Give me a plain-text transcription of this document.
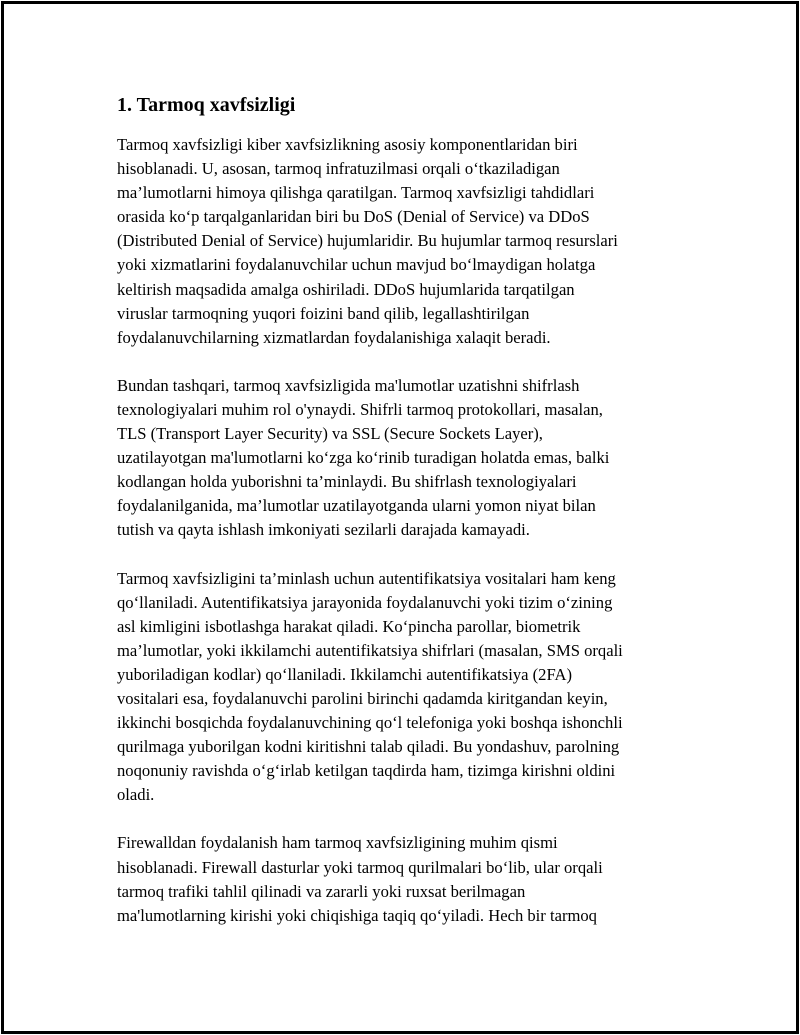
1. Tarmoq xavfsizligi

Tarmoq xavfsizligi kiber xavfsizlikning asosiy komponentlaridan biri
hisoblanadi. U, asosan, tarmoq infratuzilmasi orqali oʻtkaziladigan
ma’lumotlarni himoya qilishga qaratilgan. Tarmoq xavfsizligi tahdidlari
orasida koʻp tarqalganlaridan biri bu DoS (Denial of Service) va DDoS
(Distributed Denial of Service) hujumlaridir. Bu hujumlar tarmoq resurslari
yoki xizmatlarini foydalanuvchilar uchun mavjud boʻlmaydigan holatga
keltirish maqsadida amalga oshiriladi. DDoS hujumlarida tarqatilgan
viruslar tarmoqning yuqori foizini band qilib, legallashtirilgan
foydalanuvchilarning xizmatlardan foydalanishiga xalaqit beradi.

Bundan tashqari, tarmoq xavfsizligida ma'lumotlar uzatishni shifrlash
texnologiyalari muhim rol o'ynaydi. Shifrli tarmoq protokollari, masalan,
TLS (Transport Layer Security) va SSL (Secure Sockets Layer),
uzatilayotgan ma'lumotlarni koʻzga koʻrinib turadigan holatda emas, balki
kodlangan holda yuborishni ta’minlaydi. Bu shifrlash texnologiyalari
foydalanilganida, ma’lumotlar uzatilayotganda ularni yomon niyat bilan
tutish va qayta ishlash imkoniyati sezilarli darajada kamayadi.

Tarmoq xavfsizligini ta’minlash uchun autentifikatsiya vositalari ham keng
qoʻllaniladi. Autentifikatsiya jarayonida foydalanuvchi yoki tizim oʻzining
asl kimligini isbotlashga harakat qiladi. Koʻpincha parollar, biometrik
ma’lumotlar, yoki ikkilamchi autentifikatsiya shifrlari (masalan, SMS orqali
yuboriladigan kodlar) qoʻllaniladi. Ikkilamchi autentifikatsiya (2FA)
vositalari esa, foydalanuvchi parolini birinchi qadamda kiritgandan keyin,
ikkinchi bosqichda foydalanuvchining qoʻl telefoniga yoki boshqa ishonchli
qurilmaga yuborilgan kodni kiritishni talab qiladi. Bu yondashuv, parolning
noqonuniy ravishda oʻgʻirlab ketilgan taqdirda ham, tizimga kirishni oldini
oladi.

Firewalldan foydalanish ham tarmoq xavfsizligining muhim qismi
hisoblanadi. Firewall dasturlar yoki tarmoq qurilmalari boʻlib, ular orqali
tarmoq trafiki tahlil qilinadi va zararli yoki ruxsat berilmagan
ma'lumotlarning kirishi yoki chiqishiga taqiq qoʻyiladi. Hech bir tarmoq
